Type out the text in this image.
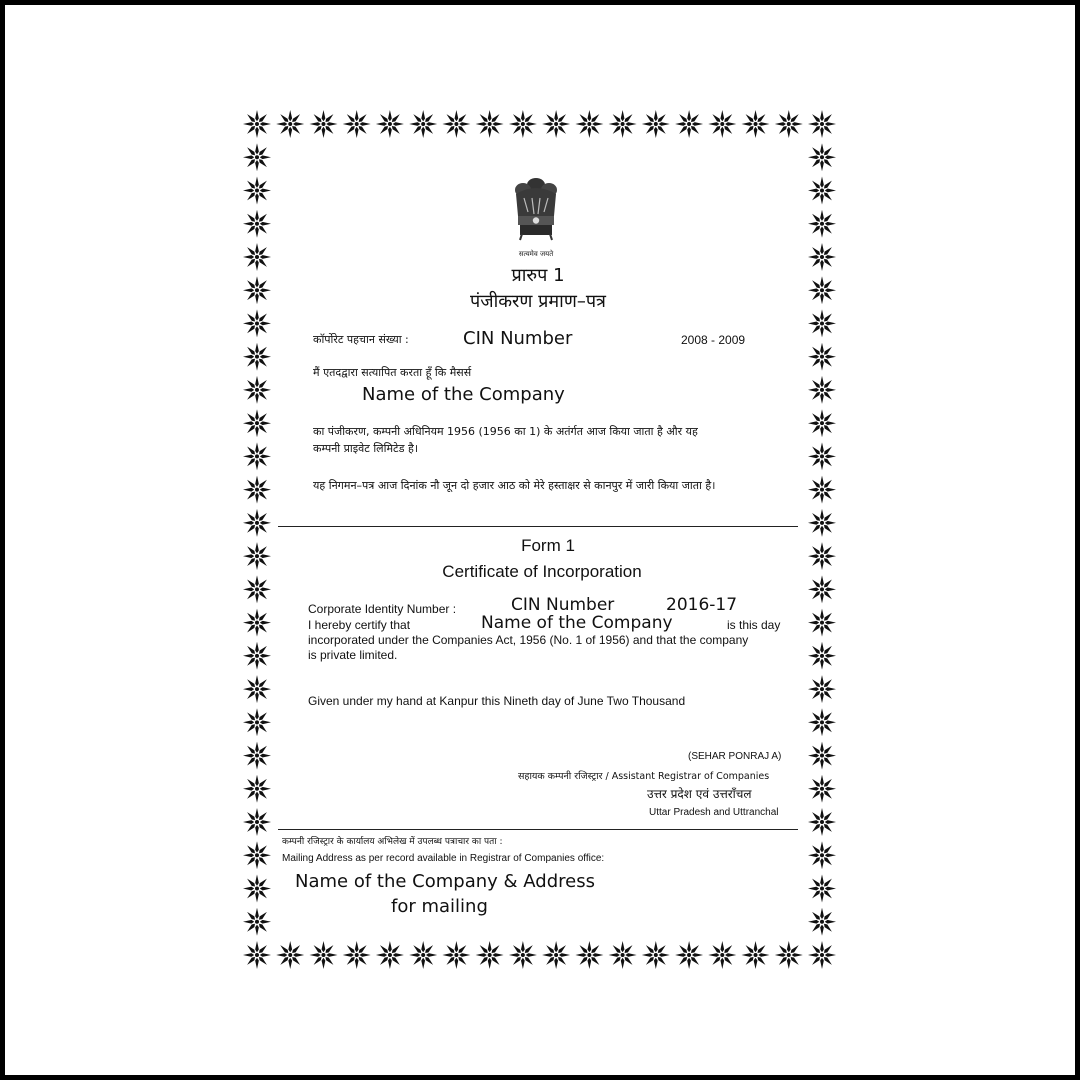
सत्यमेव जयते
प्रारुप 1
पंजीकरण प्रमाण–पत्र
कॉर्पोरेट पहचान संख्या :	CIN Number	2008 - 2009
मैं एतदद्वारा सत्यापित करता हूँ कि मैसर्स
Name of the Company
का पंजीकरण, कम्पनी अधिनियम 1956 (1956 का 1) के अतंर्गत आज किया जाता है और यह
कम्पनी प्राइवेट लिमिटेड है।
यह निगमन–पत्र आज दिनांक नौ जून दो हजार आठ को मेरे हस्ताक्षर से कानपुर में जारी किया जाता है।
Form 1
Certificate of Incorporation
Corporate Identity Number :	CIN Number	2016-17
I hereby certify that	Name of the Company	is this day
incorporated under the Companies Act, 1956 (No. 1 of 1956) and that the company
is private limited.
Given under my hand at Kanpur this Nineth day of June Two Thousand
(SEHAR PONRAJ A)
सहायक कम्पनी रजिस्ट्रार / Assistant Registrar of Companies
उत्तर प्रदेश एवं उत्तरॉंचल
Uttar Pradesh and Uttranchal
कम्पनी रजिस्ट्रार के कार्यालय अभिलेख में उपलब्ध पत्राचार का पता :
Mailing Address as per record available in Registrar of Companies office:
Name of the Company & Address
for mailing
